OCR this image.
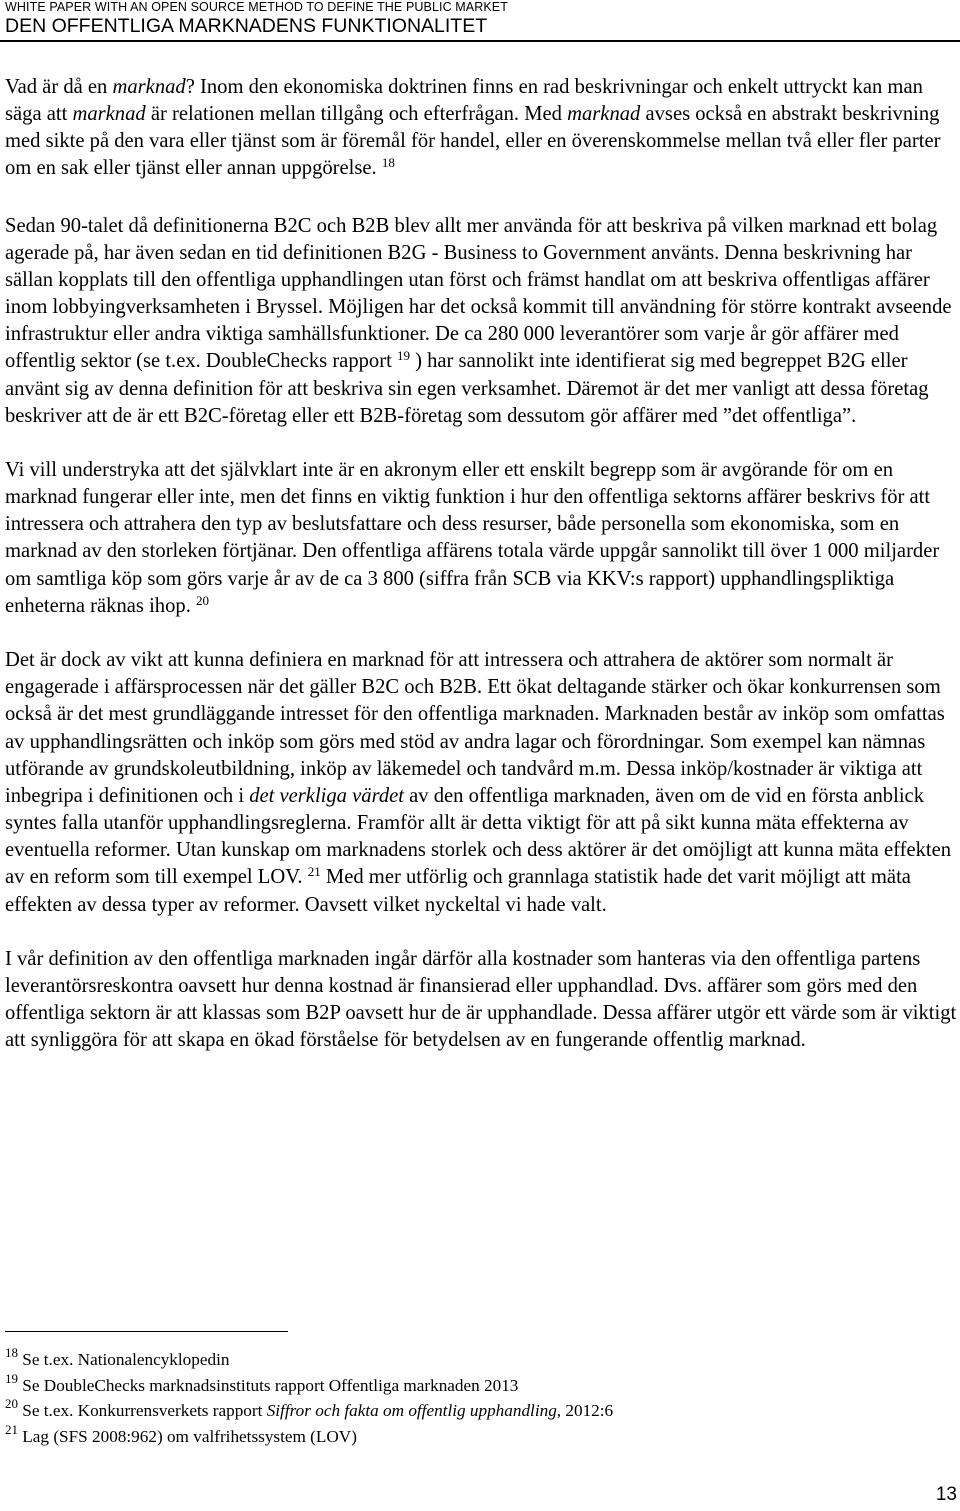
WHITE PAPER WITH AN OPEN SOURCE METHOD TO DEFINE THE PUBLIC MARKET
DEN OFFENTLIGA MARKNADENS FUNKTIONALITET

Vad är då en marknad? Inom den ekonomiska doktrinen finns en rad beskrivningar och enkelt uttryckt kan man säga att marknad är relationen mellan tillgång och efterfrågan. Med marknad avses också en abstrakt beskrivning med sikte på den vara eller tjänst som är föremål för handel, eller en överenskommelse mellan två eller fler parter om en sak eller tjänst eller annan uppgörelse. $^{18}$

Sedan 90-talet då definitionerna B2C och B2B blev allt mer använda för att beskriva på vilken marknad ett bolag agerade på, har även sedan en tid definitionen B2G - Business to Government använts. Denna beskrivning har sällan kopplats till den offentliga upphandlingen utan först och främst handlat om att beskriva offentligas affärer inom lobbyingverksamheten i Bryssel. Möjligen har det också kommit till användning för större kontrakt avseende infrastruktur eller andra viktiga samhällsfunktioner. De ca 280 000 leverantörer som varje år gör affärer med offentlig sektor (se t.ex. DoubleChecks rapport $^{19}$ ) har sannolikt inte identifierat sig med begreppet B2G eller använt sig av denna definition för att beskriva sin egen verksamhet. Däremot är det mer vanligt att dessa företag beskriver att de är ett B2C-företag eller ett B2B-företag som dessutom gör affärer med ”det offentliga”.

Vi vill understryka att det självklart inte är en akronym eller ett enskilt begrepp som är avgörande för om en marknad fungerar eller inte, men det finns en viktig funktion i hur den offentliga sektorns affärer beskrivs för att intressera och attrahera den typ av beslutsfattare och dess resurser, både personella som ekonomiska, som en marknad av den storleken förtjänar. Den offentliga affärens totala värde uppgår sannolikt till över 1 000 miljarder om samtliga köp som görs varje år av de ca 3 800 (siffra från SCB via KKV:s rapport) upphandlingspliktiga enheterna räknas ihop. $^{20}$

Det är dock av vikt att kunna definiera en marknad för att intressera och attrahera de aktörer som normalt är engagerade i affärsprocessen när det gäller B2C och B2B. Ett ökat deltagande stärker och ökar konkurrensen som också är det mest grundläggande intresset för den offentliga marknaden. Marknaden består av inköp som omfattas av upphandlingsrätten och inköp som görs med stöd av andra lagar och förordningar. Som exempel kan nämnas utförande av grundskoleutbildning, inköp av läkemedel och tandvård m.m. Dessa inköp/kostnader är viktiga att inbegripa i definitionen och i det verkliga värdet av den offentliga marknaden, även om de vid en första anblick syntes falla utanför upphandlingsreglerna. Framför allt är detta viktigt för att på sikt kunna mäta effekterna av eventuella reformer. Utan kunskap om marknadens storlek och dess aktörer är det omöjligt att kunna mäta effekten av en reform som till exempel LOV. $^{21}$ Med mer utförlig och grannlaga statistik hade det varit möjligt att mäta effekten av dessa typer av reformer. Oavsett vilket nyckeltal vi hade valt.

I vår definition av den offentliga marknaden ingår därför alla kostnader som hanteras via den offentliga partens leverantörsreskontra oavsett hur denna kostnad är finansierad eller upphandlad. Dvs. affärer som görs med den offentliga sektorn är att klassas som B2P oavsett hur de är upphandlade. Dessa affärer utgör ett värde som är viktigt att synliggöra för att skapa en ökad förståelse för betydelsen av en fungerande offentlig marknad.

$^{18}$ Se t.ex. Nationalencyklopedin
$^{19}$ Se DoubleChecks marknadsinstituts rapport Offentliga marknaden 2013
$^{20}$ Se t.ex. Konkurrensverkets rapport Siffror och fakta om offentlig upphandling, 2012:6
$^{21}$ Lag (SFS 2008:962) om valfrihetssystem (LOV)
13
